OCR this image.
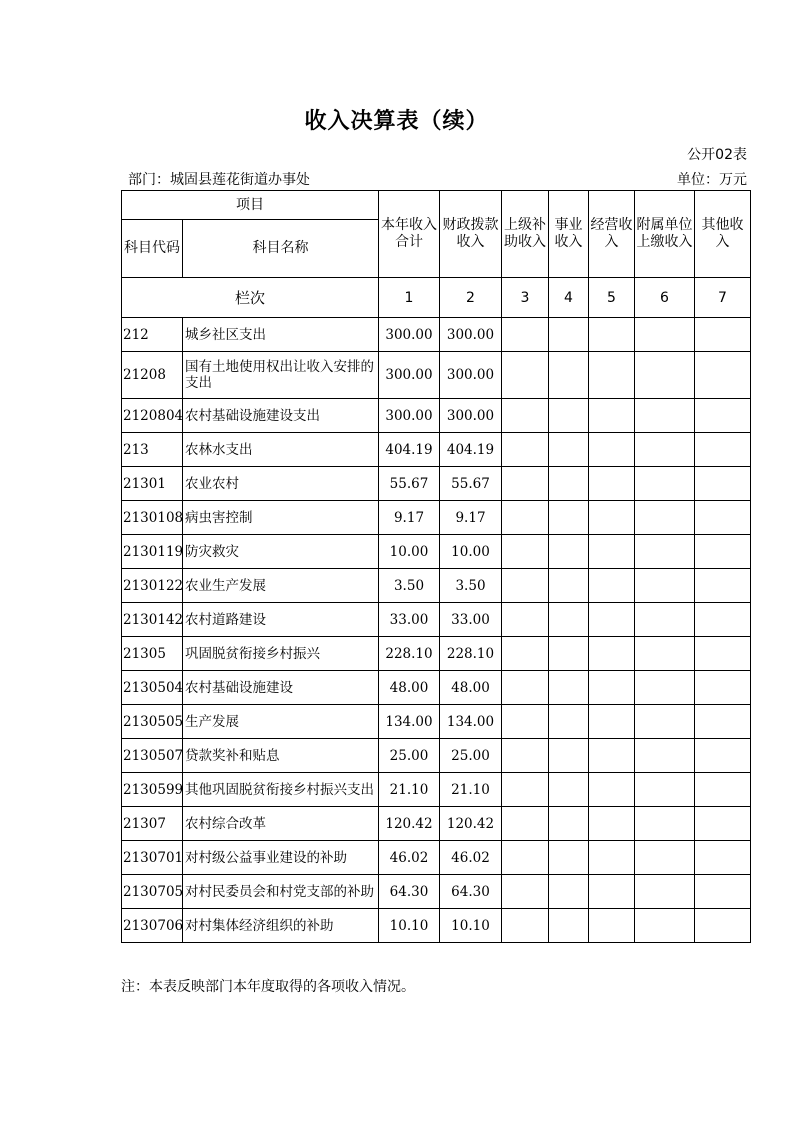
收入决算表（续）
公开02表
部门：城固县莲花街道办事处	单位：万元
项目		本年收入合计	财政拨款收入	上级补助收入	事业收入	经营收入	附属单位上缴收入	其他收入
科目代码	科目名称							
栏次		1	2	3	4	5	6	7
212	城乡社区支出	300.00	300.00					
21208	国有土地使用权出让收入安排的支出	300.00	300.00					
2120804	农村基础设施建设支出	300.00	300.00					
213	农林水支出	404.19	404.19					
21301	农业农村	55.67	55.67					
2130108	病虫害控制	9.17	9.17					
2130119	防灾救灾	10.00	10.00					
2130122	农业生产发展	3.50	3.50					
2130142	农村道路建设	33.00	33.00					
21305	巩固脱贫衔接乡村振兴	228.10	228.10					
2130504	农村基础设施建设	48.00	48.00					
2130505	生产发展	134.00	134.00					
2130507	贷款奖补和贴息	25.00	25.00					
2130599	其他巩固脱贫衔接乡村振兴支出	21.10	21.10					
21307	农村综合改革	120.42	120.42					
2130701	对村级公益事业建设的补助	46.02	46.02					
2130705	对村民委员会和村党支部的补助	64.30	64.30					
2130706	对村集体经济组织的补助	10.10	10.10					
注：本表反映部门本年度取得的各项收入情况。
